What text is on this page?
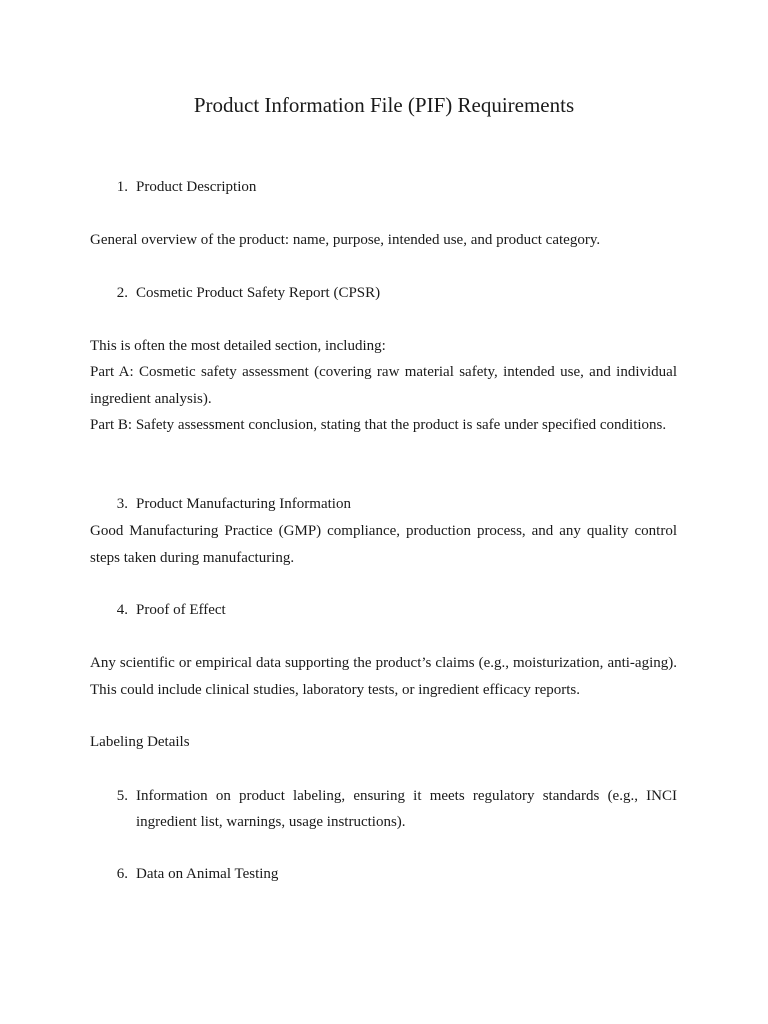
Product Information File (PIF) Requirements
1. Product Description

General overview of the product: name, purpose, intended use, and product category.

2. Cosmetic Product Safety Report (CPSR)

This is often the most detailed section, including:

Part A: Cosmetic safety assessment (covering raw material safety, intended use, and individual ingredient analysis).

Part B: Safety assessment conclusion, stating that the product is safe under specified conditions.

3. Product Manufacturing Information

Good Manufacturing Practice (GMP) compliance, production process, and any quality control steps taken during manufacturing.

4. Proof of Effect

Any scientific or empirical data supporting the product’s claims (e.g., moisturization, anti-aging). This could include clinical studies, laboratory tests, or ingredient efficacy reports.

Labeling Details

5. Information on product labeling, ensuring it meets regulatory standards (e.g., INCI ingredient list, warnings, usage instructions).
6. Data on Animal Testing
